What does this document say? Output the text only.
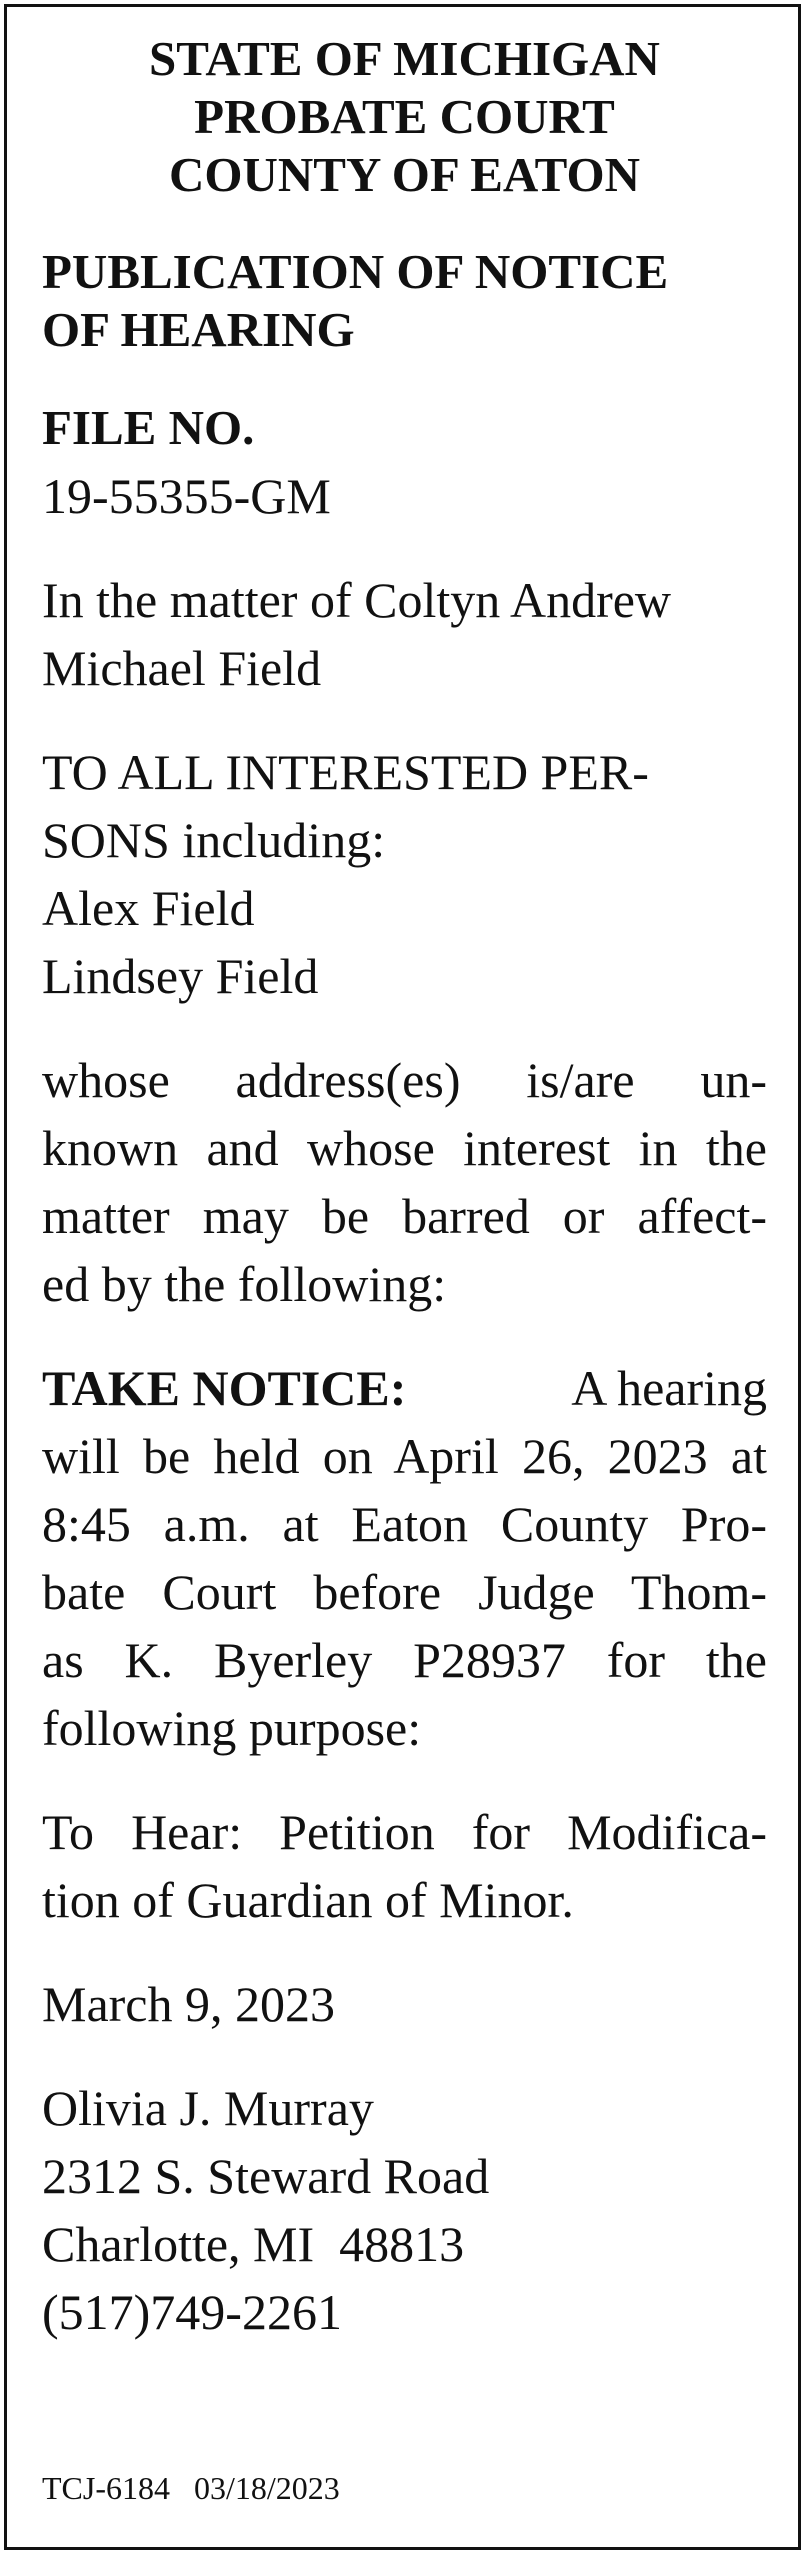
STATE OF MICHIGAN
PROBATE COURT
COUNTY OF EATON
PUBLICATION OF NOTICE
OF HEARING

FILE NO.

19-55355-GM

In the matter of Coltyn Andrew

Michael Field

TO ALL INTERESTED PER-

SONS including:

Alex Field

Lindsey Field

whose address(es) is/are un-

known and whose interest in the

matter may be barred or affect-

ed by the following:

TAKE NOTICE:	A hearing

will be held on April 26, 2023 at

8:45 a.m. at Eaton County Pro-

bate Court before Judge Thom-

as K. Byerley P28937 for the

following purpose:

To Hear: Petition for Modifica-

tion of Guardian of Minor.

March 9, 2023

Olivia J. Murray

2312 S. Steward Road

Charlotte, MI  48813

(517)749-2261

TCJ-6184   03/18/2023
